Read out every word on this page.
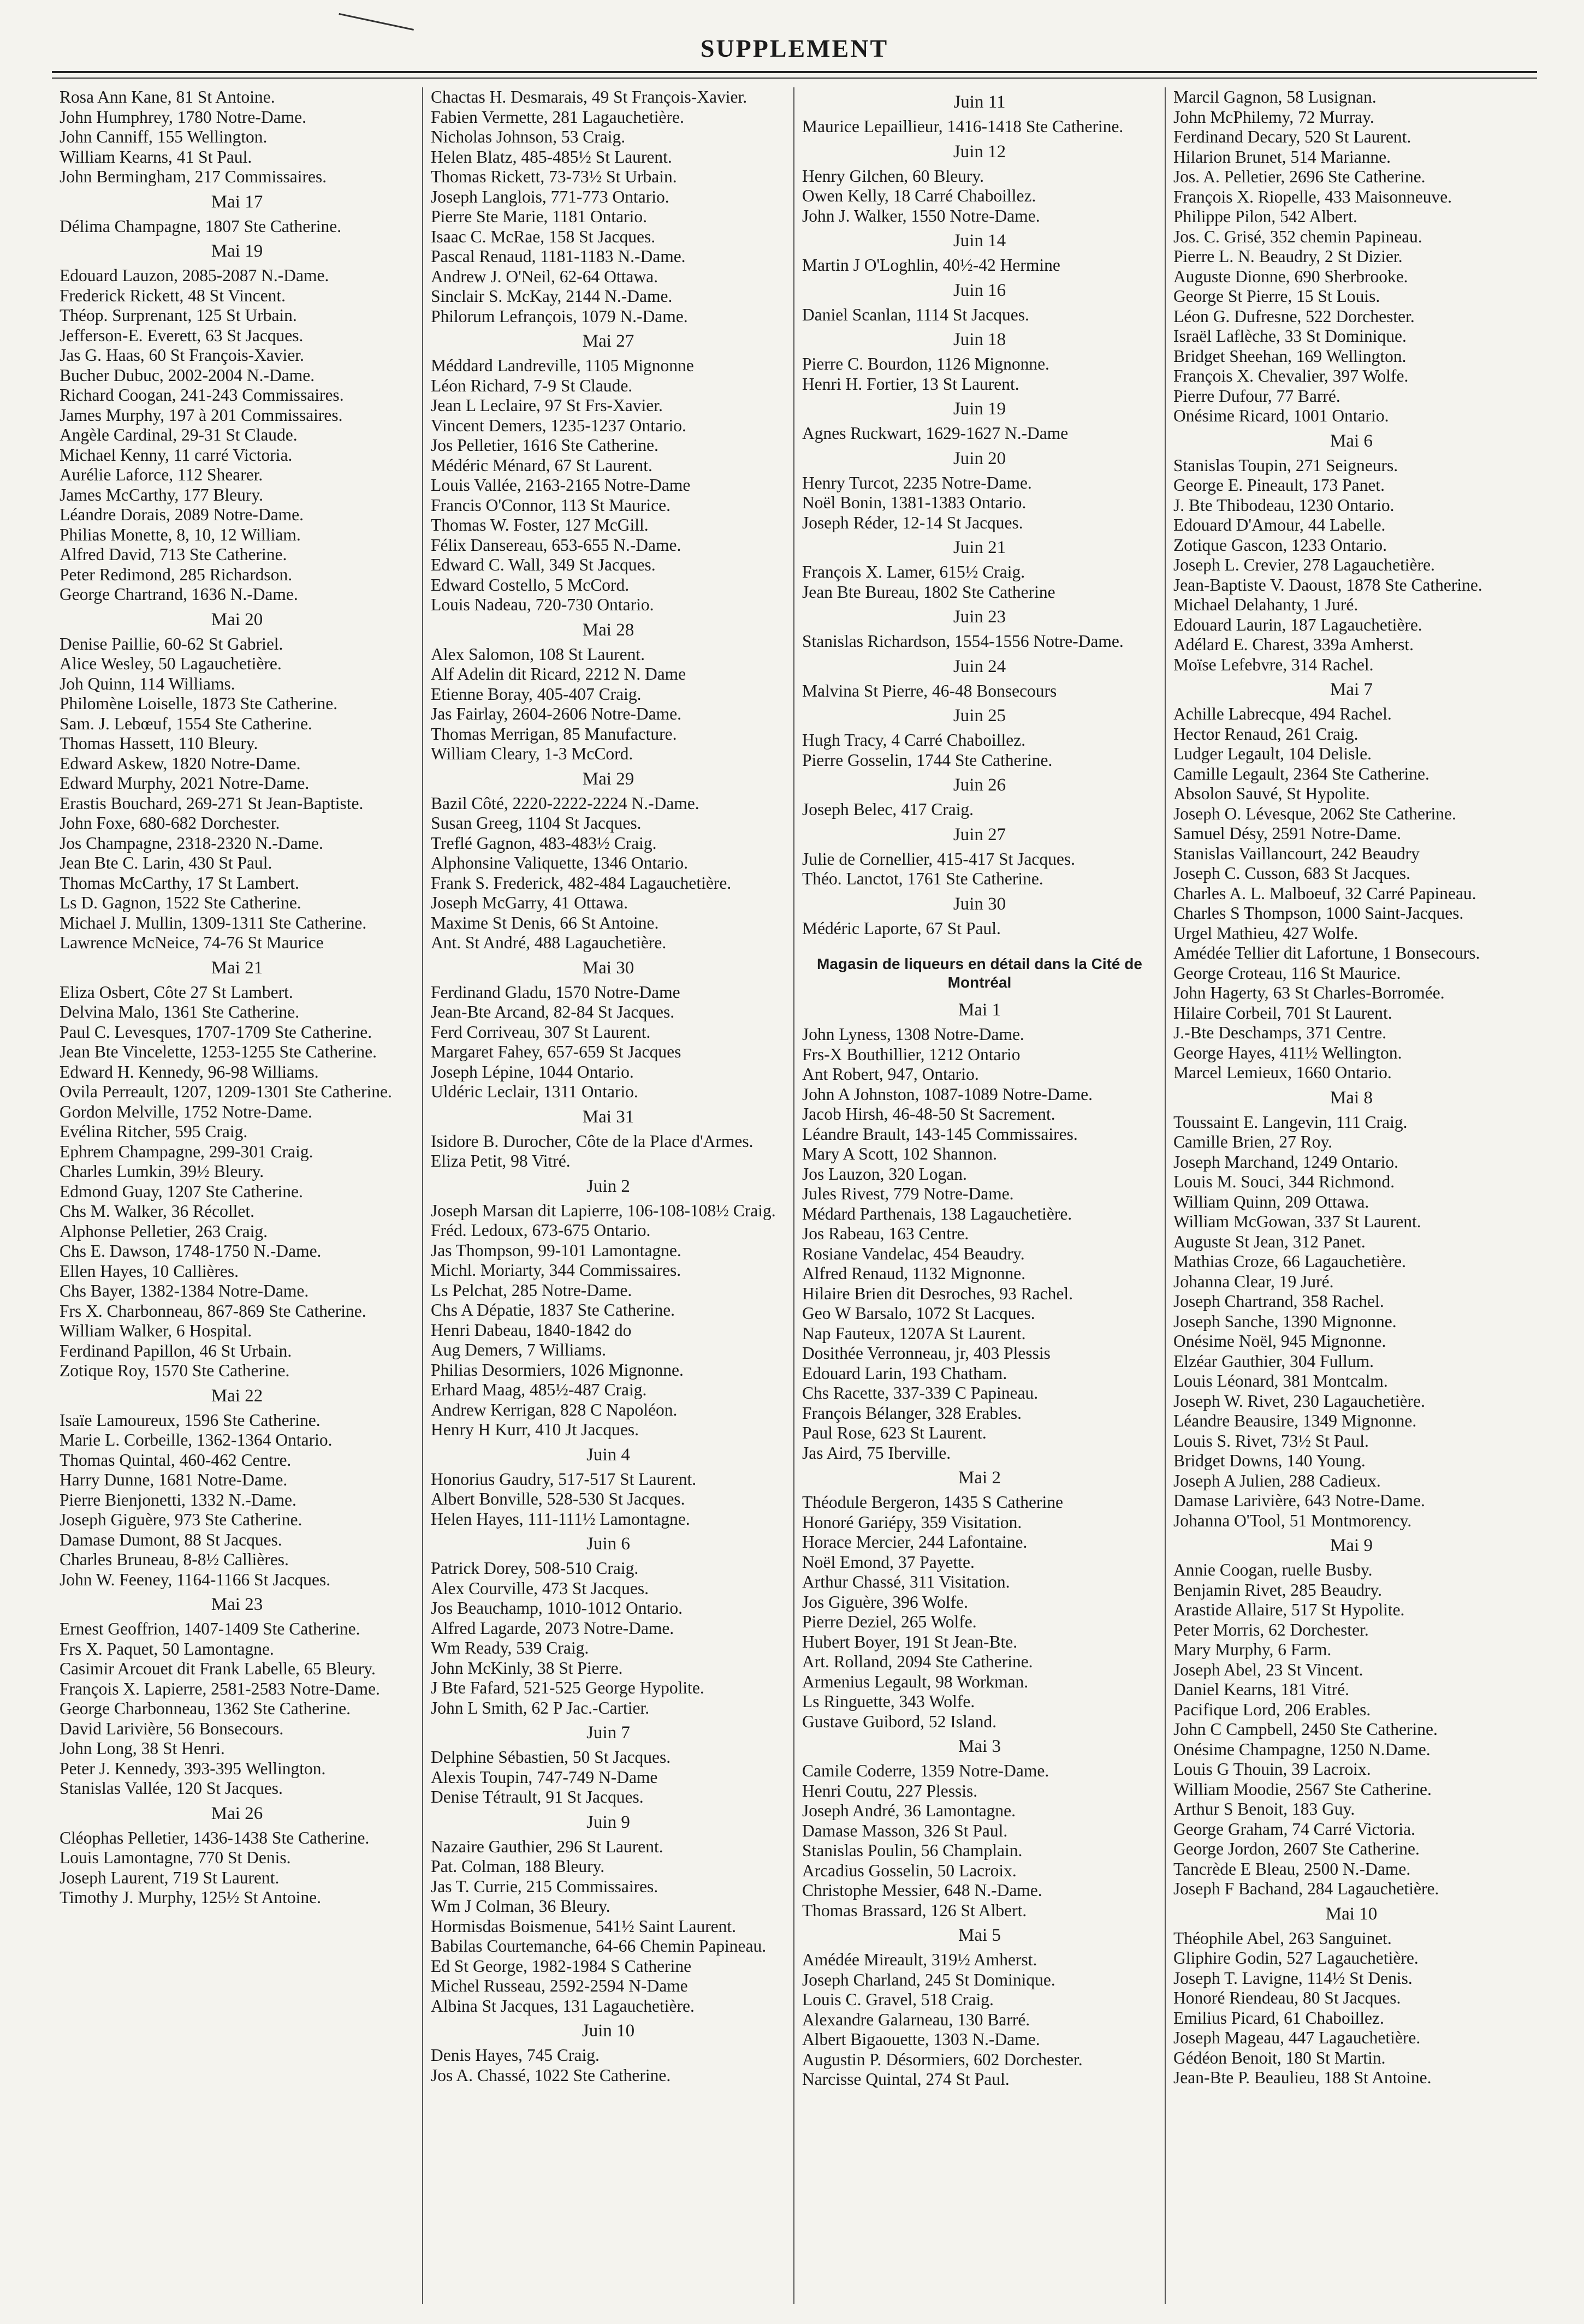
SUPPLEMENT
Rosa Ann Kane, 81 St Antoine.
John Humphrey, 1780 Notre-Dame.
John Canniff, 155 Wellington.
William Kearns, 41 St Paul.
John Bermingham, 217 Commissaires.
Mai 17
Délima Champagne, 1807 Ste Catherine.
Mai 19
Edouard Lauzon, 2085-2087 N.-Dame.
Frederick Rickett, 48 St Vincent.
Théop. Surprenant, 125 St Urbain.
Jefferson-E. Everett, 63 St Jacques.
Jas G. Haas, 60 St François-Xavier.
Bucher Dubuc, 2002-2004 N.-Dame.
Richard Coogan, 241-243 Commissaires.
James Murphy, 197 à 201 Commissaires.
Angèle Cardinal, 29-31 St Claude.
Michael Kenny, 11 carré Victoria.
Aurélie Laforce, 112 Shearer.
James McCarthy, 177 Bleury.
Léandre Dorais, 2089 Notre-Dame.
Philias Monette, 8, 10, 12 William.
Alfred David, 713 Ste Catherine.
Peter Redimond, 285 Richardson.
George Chartrand, 1636 N.-Dame.
Mai 20
Denise Paillie, 60-62 St Gabriel.
Alice Wesley, 50 Lagauchetière.
Joh Quinn, 114 Williams.
Philomène Loiselle, 1873 Ste Catherine.
Sam. J. Lebœuf, 1554 Ste Catherine.
Thomas Hassett, 110 Bleury.
Edward Askew, 1820 Notre-Dame.
Edward Murphy, 2021 Notre-Dame.
Erastis Bouchard, 269-271 St Jean-Baptiste.
John Foxe, 680-682 Dorchester.
Jos Champagne, 2318-2320 N.-Dame.
Jean Bte C. Larin, 430 St Paul.
Thomas McCarthy, 17 St Lambert.
Ls D. Gagnon, 1522 Ste Catherine.
Michael J. Mullin, 1309-1311 Ste Catherine.
Lawrence McNeice, 74-76 St Maurice
Mai 21
Eliza Osbert, Côte 27 St Lambert.
Delvina Malo, 1361 Ste Catherine.
Paul C. Levesques, 1707-1709 Ste Catherine.
Jean Bte Vincelette, 1253-1255 Ste Catherine.
Edward H. Kennedy, 96-98 Williams.
Ovila Perreault, 1207, 1209-1301 Ste Catherine.
Gordon Melville, 1752 Notre-Dame.
Evélina Ritcher, 595 Craig.
Ephrem Champagne, 299-301 Craig.
Charles Lumkin, 39½ Bleury.
Edmond Guay, 1207 Ste Catherine.
Chs M. Walker, 36 Récollet.
Alphonse Pelletier, 263 Craig.
Chs E. Dawson, 1748-1750 N.-Dame.
Ellen Hayes, 10 Callières.
Chs Bayer, 1382-1384 Notre-Dame.
Frs X. Charbonneau, 867-869 Ste Catherine.
William Walker, 6 Hospital.
Ferdinand Papillon, 46 St Urbain.
Zotique Roy, 1570 Ste Catherine.
Mai 22
Isaïe Lamoureux, 1596 Ste Catherine.
Marie L. Corbeille, 1362-1364 Ontario.
Thomas Quintal, 460-462 Centre.
Harry Dunne, 1681 Notre-Dame.
Pierre Bienjonetti, 1332 N.-Dame.
Joseph Giguère, 973 Ste Catherine.
Damase Dumont, 88 St Jacques.
Charles Bruneau, 8-8½ Callières.
John W. Feeney, 1164-1166 St Jacques.
Mai 23
Ernest Geoffrion, 1407-1409 Ste Catherine.
Frs X. Paquet, 50 Lamontagne.
Casimir Arcouet dit Frank Labelle, 65 Bleury.
François X. Lapierre, 2581-2583 Notre-Dame.
George Charbonneau, 1362 Ste Catherine.
David Larivière, 56 Bonsecours.
John Long, 38 St Henri.
Peter J. Kennedy, 393-395 Wellington.
Stanislas Vallée, 120 St Jacques.
Mai 26
Cléophas Pelletier, 1436-1438 Ste Catherine.
Louis Lamontagne, 770 St Denis.
Joseph Laurent, 719 St Laurent.
Timothy J. Murphy, 125½ St Antoine.
Chactas H. Desmarais, 49 St François-Xavier.
Fabien Vermette, 281 Lagauchetière.
Nicholas Johnson, 53 Craig.
Helen Blatz, 485-485½ St Laurent.
Thomas Rickett, 73-73½ St Urbain.
Joseph Langlois, 771-773 Ontario.
Pierre Ste Marie, 1181 Ontario.
Isaac C. McRae, 158 St Jacques.
Pascal Renaud, 1181-1183 N.-Dame.
Andrew J. O'Neil, 62-64 Ottawa.
Sinclair S. McKay, 2144 N.-Dame.
Philorum Lefrançois, 1079 N.-Dame.
Mai 27
Méddard Landreville, 1105 Mignonne
Léon Richard, 7-9 St Claude.
Jean L Leclaire, 97 St Frs-Xavier.
Vincent Demers, 1235-1237 Ontario.
Jos Pelletier, 1616 Ste Catherine.
Médéric Ménard, 67 St Laurent.
Louis Vallée, 2163-2165 Notre-Dame
Francis O'Connor, 113 St Maurice.
Thomas W. Foster, 127 McGill.
Félix Dansereau, 653-655 N.-Dame.
Edward C. Wall, 349 St Jacques.
Edward Costello, 5 McCord.
Louis Nadeau, 720-730 Ontario.
Mai 28
Alex Salomon, 108 St Laurent.
Alf Adelin dit Ricard, 2212 N. Dame
Etienne Boray, 405-407 Craig.
Jas Fairlay, 2604-2606 Notre-Dame.
Thomas Merrigan, 85 Manufacture.
William Cleary, 1-3 McCord.
Mai 29
Bazil Côté, 2220-2222-2224 N.-Dame.
Susan Greeg, 1104 St Jacques.
Treflé Gagnon, 483-483½ Craig.
Alphonsine Valiquette, 1346 Ontario.
Frank S. Frederick, 482-484 Lagauchetière.
Joseph McGarry, 41 Ottawa.
Maxime St Denis, 66 St Antoine.
Ant. St André, 488 Lagauchetière.
Mai 30
Ferdinand Gladu, 1570 Notre-Dame
Jean-Bte Arcand, 82-84 St Jacques.
Ferd Corriveau, 307 St Laurent.
Margaret Fahey, 657-659 St Jacques
Joseph Lépine, 1044 Ontario.
Uldéric Leclair, 1311 Ontario.
Mai 31
Isidore B. Durocher, Côte de la Place d'Armes.
Eliza Petit, 98 Vitré.
Juin 2
Joseph Marsan dit Lapierre, 106-108-108½ Craig.
Fréd. Ledoux, 673-675 Ontario.
Jas Thompson, 99-101 Lamontagne.
Michl. Moriarty, 344 Commissaires.
Ls Pelchat, 285 Notre-Dame.
Chs A Dépatie, 1837 Ste Catherine.
Henri Dabeau, 1840-1842 do
Aug Demers, 7 Williams.
Philias Desormiers, 1026 Mignonne.
Erhard Maag, 485½-487 Craig.
Andrew Kerrigan, 828 C Napoléon.
Henry H Kurr, 410 Jt Jacques.
Juin 4
Honorius Gaudry, 517-517 St Laurent.
Albert Bonville, 528-530 St Jacques.
Helen Hayes, 111-111½ Lamontagne.
Juin 6
Patrick Dorey, 508-510 Craig.
Alex Courville, 473 St Jacques.
Jos Beauchamp, 1010-1012 Ontario.
Alfred Lagarde, 2073 Notre-Dame.
Wm Ready, 539 Craig.
John McKinly, 38 St Pierre.
J Bte Fafard, 521-525 George Hypolite.
John L Smith, 62 P Jac.-Cartier.
Juin 7
Delphine Sébastien, 50 St Jacques.
Alexis Toupin, 747-749 N-Dame
Denise Tétrault, 91 St Jacques.
Juin 9
Nazaire Gauthier, 296 St Laurent.
Pat. Colman, 188 Bleury.
Jas T. Currie, 215 Commissaires.
Wm J Colman, 36 Bleury.
Hormisdas Boismenue, 541½ Saint Laurent.
Babilas Courtemanche, 64-66 Chemin Papineau.
Ed St George, 1982-1984 S Catherine
Michel Russeau, 2592-2594 N-Dame
Albina St Jacques, 131 Lagauchetière.
Juin 10
Denis Hayes, 745 Craig.
Jos A. Chassé, 1022 Ste Catherine.
Juin 11
Maurice Lepaillieur, 1416-1418 Ste Catherine.
Juin 12
Henry Gilchen, 60 Bleury.
Owen Kelly, 18 Carré Chaboillez.
John J. Walker, 1550 Notre-Dame.
Juin 14
Martin J O'Loghlin, 40½-42 Hermine
Juin 16
Daniel Scanlan, 1114 St Jacques.
Juin 18
Pierre C. Bourdon, 1126 Mignonne.
Henri H. Fortier, 13 St Laurent.
Juin 19
Agnes Ruckwart, 1629-1627 N.-Dame
Juin 20
Henry Turcot, 2235 Notre-Dame.
Noël Bonin, 1381-1383 Ontario.
Joseph Réder, 12-14 St Jacques.
Juin 21
François X. Lamer, 615½ Craig.
Jean Bte Bureau, 1802 Ste Catherine
Juin 23
Stanislas Richardson, 1554-1556 Notre-Dame.
Juin 24
Malvina St Pierre, 46-48 Bonsecours
Juin 25
Hugh Tracy, 4 Carré Chaboillez.
Pierre Gosselin, 1744 Ste Catherine.
Juin 26
Joseph Belec, 417 Craig.
Juin 27
Julie de Cornellier, 415-417 St Jacques.
Théo. Lanctot, 1761 Ste Catherine.
Juin 30
Médéric Laporte, 67 St Paul.
Magasin de liqueurs en détail dans la Cité de Montréal
Mai 1
John Lyness, 1308 Notre-Dame.
Frs-X Bouthillier, 1212 Ontario
Ant Robert, 947, Ontario.
John A Johnston, 1087-1089 Notre-Dame.
Jacob Hirsh, 46-48-50 St Sacrement.
Léandre Brault, 143-145 Commissaires.
Mary A Scott, 102 Shannon.
Jos Lauzon, 320 Logan.
Jules Rivest, 779 Notre-Dame.
Médard Parthenais, 138 Lagauchetière.
Jos Rabeau, 163 Centre.
Rosiane Vandelac, 454 Beaudry.
Alfred Renaud, 1132 Mignonne.
Hilaire Brien dit Desroches, 93 Rachel.
Geo W Barsalo, 1072 St Lacques.
Nap Fauteux, 1207A St Laurent.
Dosithée Verronneau, jr, 403 Plessis
Edouard Larin, 193 Chatham.
Chs Racette, 337-339 C Papineau.
François Bélanger, 328 Erables.
Paul Rose, 623 St Laurent.
Jas Aird, 75 Iberville.
Mai 2
Théodule Bergeron, 1435 S Catherine
Honoré Gariépy, 359 Visitation.
Horace Mercier, 244 Lafontaine.
Noël Emond, 37 Payette.
Arthur Chassé, 311 Visitation.
Jos Giguère, 396 Wolfe.
Pierre Deziel, 265 Wolfe.
Hubert Boyer, 191 St Jean-Bte.
Art. Rolland, 2094 Ste Catherine.
Armenius Legault, 98 Workman.
Ls Ringuette, 343 Wolfe.
Gustave Guibord, 52 Island.
Mai 3
Camile Coderre, 1359 Notre-Dame.
Henri Coutu, 227 Plessis.
Joseph André, 36 Lamontagne.
Damase Masson, 326 St Paul.
Stanislas Poulin, 56 Champlain.
Arcadius Gosselin, 50 Lacroix.
Christophe Messier, 648 N.-Dame.
Thomas Brassard, 126 St Albert.
Mai 5
Amédée Mireault, 319½ Amherst.
Joseph Charland, 245 St Dominique.
Louis C. Gravel, 518 Craig.
Alexandre Galarneau, 130 Barré.
Albert Bigaouette, 1303 N.-Dame.
Augustin P. Désormiers, 602 Dorchester.
Narcisse Quintal, 274 St Paul.
Marcil Gagnon, 58 Lusignan.
John McPhilemy, 72 Murray.
Ferdinand Decary, 520 St Laurent.
Hilarion Brunet, 514 Marianne.
Jos. A. Pelletier, 2696 Ste Catherine.
François X. Riopelle, 433 Maisonneuve.
Philippe Pilon, 542 Albert.
Jos. C. Grisé, 352 chemin Papineau.
Pierre L. N. Beaudry, 2 St Dizier.
Auguste Dionne, 690 Sherbrooke.
George St Pierre, 15 St Louis.
Léon G. Dufresne, 522 Dorchester.
Israël Laflèche, 33 St Dominique.
Bridget Sheehan, 169 Wellington.
François X. Chevalier, 397 Wolfe.
Pierre Dufour, 77 Barré.
Onésime Ricard, 1001 Ontario.
Mai 6
Stanislas Toupin, 271 Seigneurs.
George E. Pineault, 173 Panet.
J. Bte Thibodeau, 1230 Ontario.
Edouard D'Amour, 44 Labelle.
Zotique Gascon, 1233 Ontario.
Joseph L. Crevier, 278 Lagauchetière.
Jean-Baptiste V. Daoust, 1878 Ste Catherine.
Michael Delahanty, 1 Juré.
Edouard Laurin, 187 Lagauchetière.
Adélard E. Charest, 339a Amherst.
Moïse Lefebvre, 314 Rachel.
Mai 7
Achille Labrecque, 494 Rachel.
Hector Renaud, 261 Craig.
Ludger Legault, 104 Delisle.
Camille Legault, 2364 Ste Catherine.
Absolon Sauvé, St Hypolite.
Joseph O. Lévesque, 2062 Ste Catherine.
Samuel Désy, 2591 Notre-Dame.
Stanislas Vaillancourt, 242 Beaudry
Joseph C. Cusson, 683 St Jacques.
Charles A. L. Malboeuf, 32 Carré Papineau.
Charles S Thompson, 1000 Saint-Jacques.
Urgel Mathieu, 427 Wolfe.
Amédée Tellier dit Lafortune, 1 Bonsecours.
George Croteau, 116 St Maurice.
John Hagerty, 63 St Charles-Borromée.
Hilaire Corbeil, 701 St Laurent.
J.-Bte Deschamps, 371 Centre.
George Hayes, 411½ Wellington.
Marcel Lemieux, 1660 Ontario.
Mai 8
Toussaint E. Langevin, 111 Craig.
Camille Brien, 27 Roy.
Joseph Marchand, 1249 Ontario.
Louis M. Souci, 344 Richmond.
William Quinn, 209 Ottawa.
William McGowan, 337 St Laurent.
Auguste St Jean, 312 Panet.
Mathias Croze, 66 Lagauchetière.
Johanna Clear, 19 Juré.
Joseph Chartrand, 358 Rachel.
Joseph Sanche, 1390 Mignonne.
Onésime Noël, 945 Mignonne.
Elzéar Gauthier, 304 Fullum.
Louis Léonard, 381 Montcalm.
Joseph W. Rivet, 230 Lagauchetière.
Léandre Beausire, 1349 Mignonne.
Louis S. Rivet, 73½ St Paul.
Bridget Downs, 140 Young.
Joseph A Julien, 288 Cadieux.
Damase Larivière, 643 Notre-Dame.
Johanna O'Tool, 51 Montmorency.
Mai 9
Annie Coogan, ruelle Busby.
Benjamin Rivet, 285 Beaudry.
Arastide Allaire, 517 St Hypolite.
Peter Morris, 62 Dorchester.
Mary Murphy, 6 Farm.
Joseph Abel, 23 St Vincent.
Daniel Kearns, 181 Vitré.
Pacifique Lord, 206 Erables.
John C Campbell, 2450 Ste Catherine.
Onésime Champagne, 1250 N.Dame.
Louis G Thouin, 39 Lacroix.
William Moodie, 2567 Ste Catherine.
Arthur S Benoit, 183 Guy.
George Graham, 74 Carré Victoria.
George Jordon, 2607 Ste Catherine.
Tancrède E Bleau, 2500 N.-Dame.
Joseph F Bachand, 284 Lagauchetière.
Mai 10
Théophile Abel, 263 Sanguinet.
Gliphire Godin, 527 Lagauchetière.
Joseph T. Lavigne, 114½ St Denis.
Honoré Riendeau, 80 St Jacques.
Emilius Picard, 61 Chaboillez.
Joseph Mageau, 447 Lagauchetière.
Gédéon Benoit, 180 St Martin.
Jean-Bte P. Beaulieu, 188 St Antoine.
